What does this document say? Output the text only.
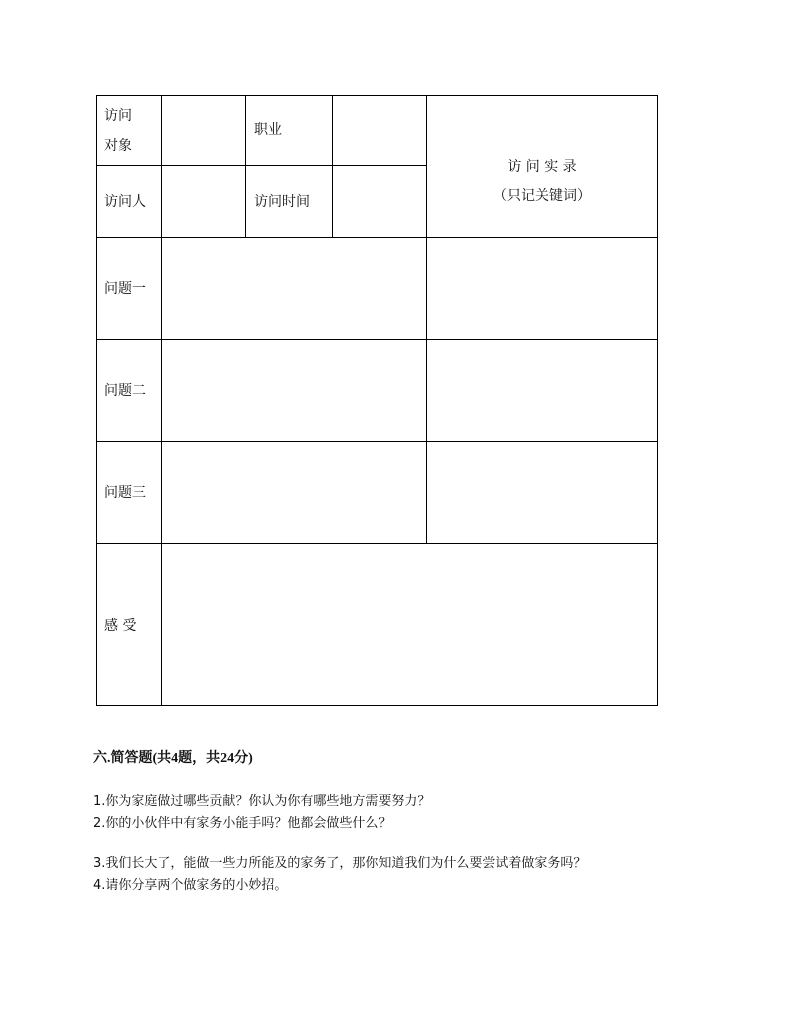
访问
对象
职业
访问人	访问时间
访 问 实 录
（只记关键词）
问题一
问题二
问题三
感 受
六.简答题(共4题，共24分)
1.你为家庭做过哪些贡献？你认为你有哪些地方需要努力？
2.你的小伙伴中有家务小能手吗？他都会做些什么？
3.我们长大了，能做一些力所能及的家务了，那你知道我们为什么要尝试着做家务吗？
4.请你分享两个做家务的小妙招。
